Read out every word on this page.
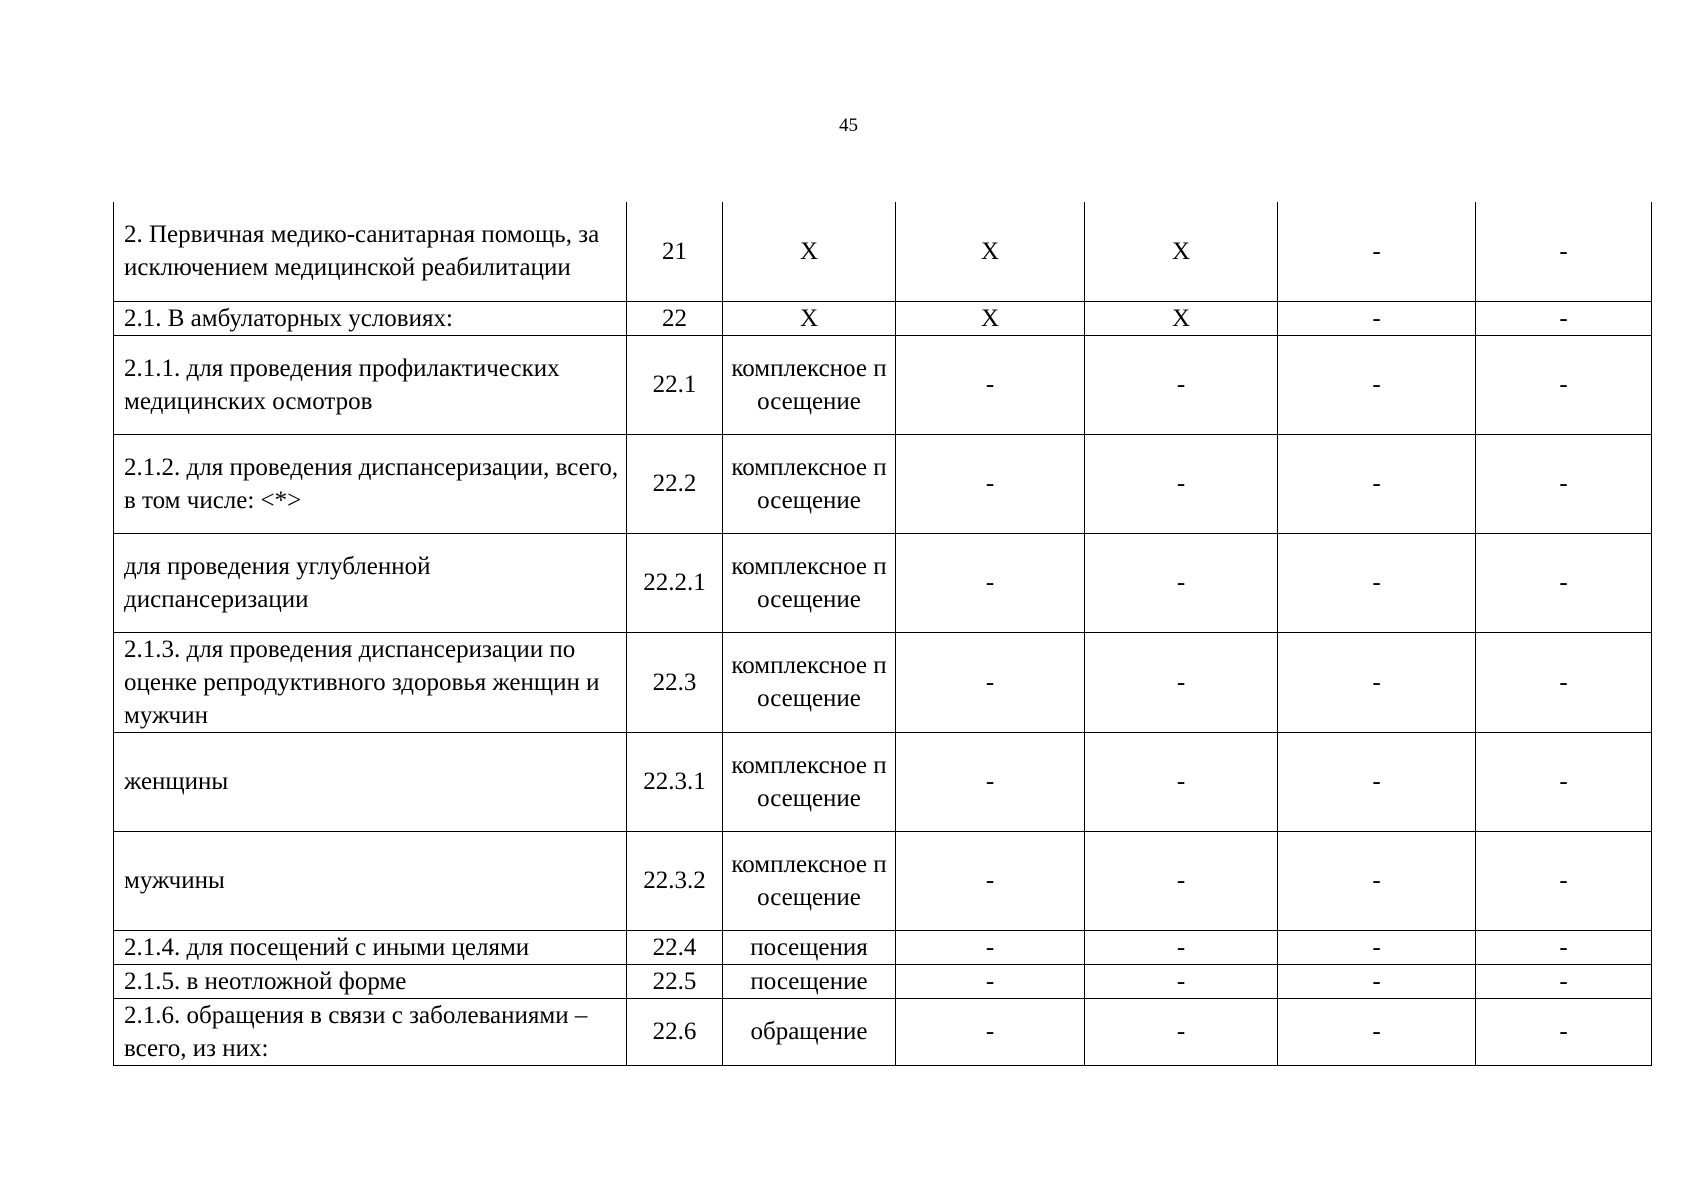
45
2. Первичная медико-санитарная помощь, за исключением медицинской реабилитации	21	X	X	X	-	-
2.1. В амбулаторных условиях:	22	X	X	X	-	-
2.1.1. для проведения профилактических медицинских осмотров	22.1	комплексное посещение	-	-	-	-
2.1.2. для проведения диспансеризации, всего, в том числе: <*>	22.2	комплексное посещение	-	-	-	-
для проведения углубленной диспансеризации	22.2.1	комплексное посещение	-	-	-	-
2.1.3. для проведения диспансеризации по оценке репродуктивного здоровья женщин и мужчин	22.3	комплексное посещение	-	-	-	-
женщины	22.3.1	комплексное посещение	-	-	-	-
мужчины	22.3.2	комплексное посещение	-	-	-	-
2.1.4. для посещений с иными целями	22.4	посещения	-	-	-	-
2.1.5. в неотложной форме	22.5	посещение	-	-	-	-
2.1.6. обращения в связи с заболеваниями – всего, из них:	22.6	обращение	-	-	-	-
